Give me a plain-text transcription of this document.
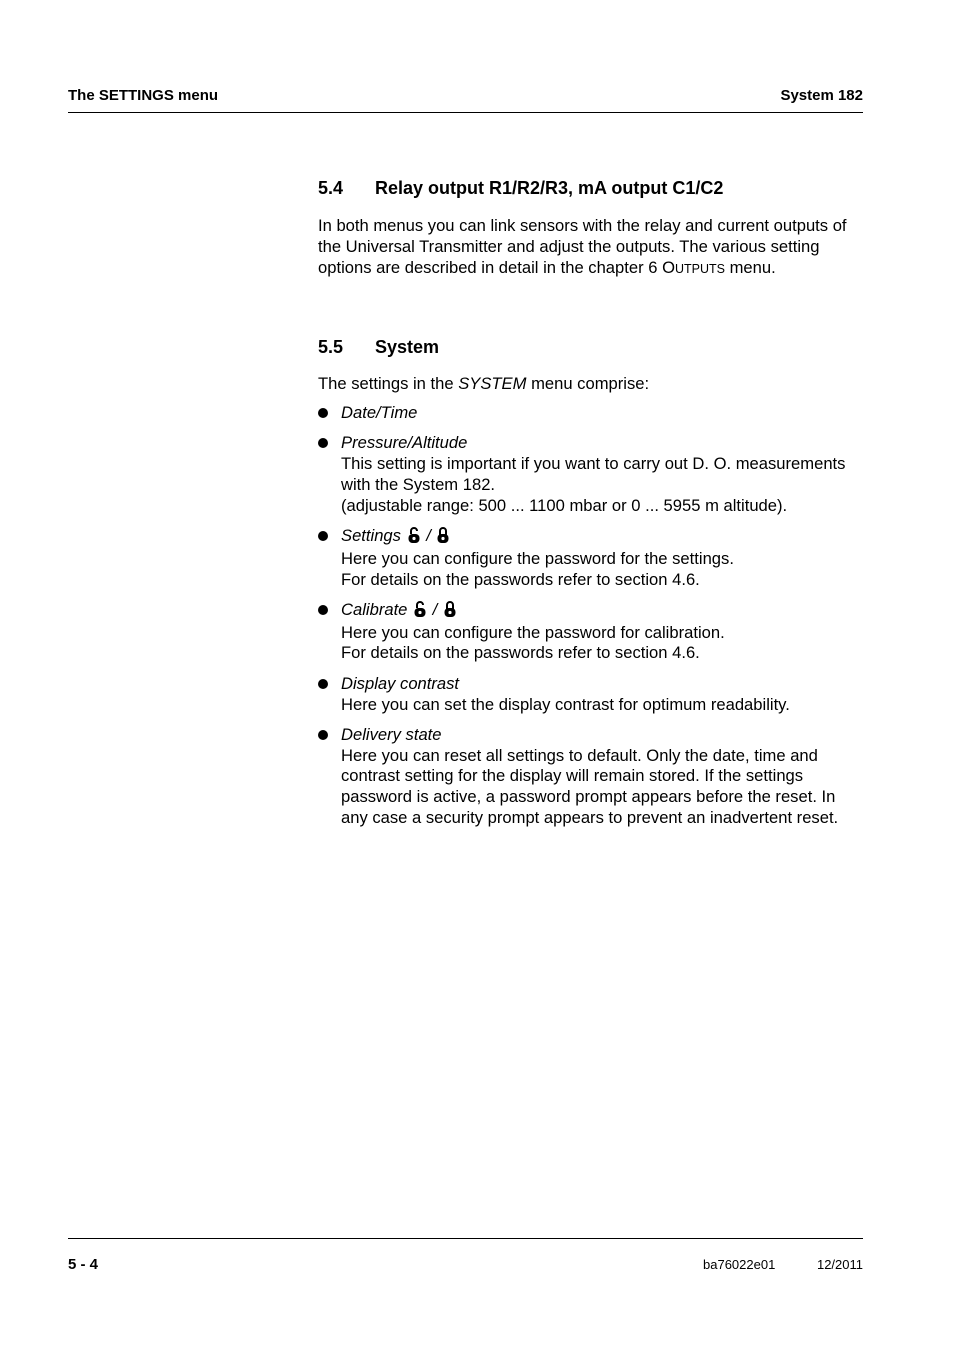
The SETTINGS menu	System 182
5.4 Relay output R1/R2/R3, mA output C1/C2

In both menus you can link sensors with the relay and current outputs of the Universal Transmitter and adjust the outputs. The various setting options are described in detail in the chapter 6 OUTPUTS menu.

5.5 System

The settings in the SYSTEM menu comprise:

Date/Time
Pressure/Altitude
This setting is important if you want to carry out D. O. measurements with the System 182.
(adjustable range: 500 ... 1100 mbar or 0 ... 5955 m altitude).
Settings /
Here you can configure the password for the settings.
For details on the passwords refer to section 4.6.
Calibrate /
Here you can configure the password for calibration.
For details on the passwords refer to section 4.6.
Display contrast
Here you can set the display contrast for optimum readability.
Delivery state
Here you can reset all settings to default. Only the date, time and contrast setting for the display will remain stored. If the settings password is active, a password prompt appears before the reset. In any case a security prompt appears to prevent an inadvertent reset.
5 - 4	ba76022e01	12/2011
